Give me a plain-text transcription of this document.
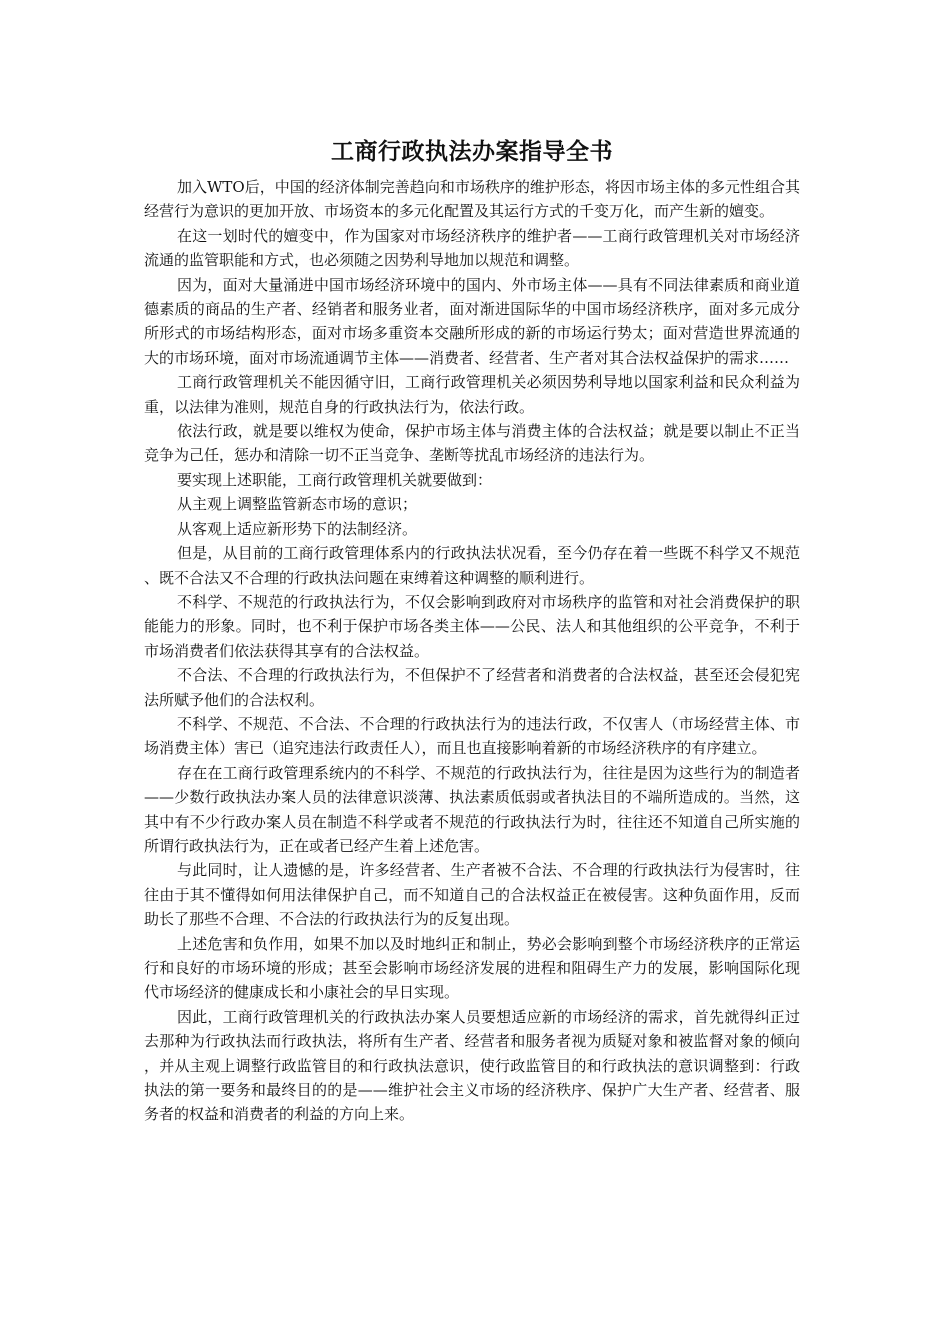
工商行政执法办案指导全书

加入WTO后，中国的经济体制完善趋向和市场秩序的维护形态，将因市场主体的多元性组合其经营行为意识的更加开放、市场资本的多元化配置及其运行方式的千变万化，而产生新的嬗变。

在这一划时代的嬗变中，作为国家对市场经济秩序的维护者——工商行政管理机关对市场经济流通的监管职能和方式，也必须随之因势利导地加以规范和调整。

因为，面对大量涌进中国市场经济环境中的国内、外市场主体——具有不同法律素质和商业道德素质的商品的生产者、经销者和服务业者，面对渐进国际华的中国市场经济秩序，面对多元成分所形式的市场结构形态，面对市场多重资本交融所形成的新的市场运行势太；面对营造世界流通的大的市场环境，面对市场流通调节主体——消费者、经营者、生产者对其合法权益保护的需求……

工商行政管理机关不能因循守旧，工商行政管理机关必须因势利导地以国家利益和民众利益为重，以法律为准则，规范自身的行政执法行为，依法行政。

依法行政，就是要以维权为使命，保护市场主体与消费主体的合法权益；就是要以制止不正当竞争为己任，惩办和清除一切不正当竞争、垄断等扰乱市场经济的违法行为。

要实现上述职能，工商行政管理机关就要做到：

从主观上调整监管新态市场的意识；

从客观上适应新形势下的法制经济。

但是，从目前的工商行政管理体系内的行政执法状况看，至今仍存在着一些既不科学又不规范、既不合法又不合理的行政执法问题在束缚着这种调整的顺利进行。

不科学、不规范的行政执法行为，不仅会影响到政府对市场秩序的监管和对社会消费保护的职能能力的形象。同时，也不利于保护市场各类主体——公民、法人和其他组织的公平竞争，不利于市场消费者们依法获得其享有的合法权益。

不合法、不合理的行政执法行为，不但保护不了经营者和消费者的合法权益，甚至还会侵犯宪法所赋予他们的合法权利。

不科学、不规范、不合法、不合理的行政执法行为的违法行政，不仅害人（市场经营主体、市场消费主体）害已（追究违法行政责任人），而且也直接影响着新的市场经济秩序的有序建立。

存在在工商行政管理系统内的不科学、不规范的行政执法行为，往往是因为这些行为的制造者——少数行政执法办案人员的法律意识淡薄、执法素质低弱或者执法目的不端所造成的。当然，这其中有不少行政办案人员在制造不科学或者不规范的行政执法行为时，往往还不知道自己所实施的所谓行政执法行为，正在或者已经产生着上述危害。

与此同时，让人遗憾的是，许多经营者、生产者被不合法、不合理的行政执法行为侵害时，往往由于其不懂得如何用法律保护自己，而不知道自己的合法权益正在被侵害。这种负面作用，反而助长了那些不合理、不合法的行政执法行为的反复出现。

上述危害和负作用，如果不加以及时地纠正和制止，势必会影响到整个市场经济秩序的正常运行和良好的市场环境的形成；甚至会影响市场经济发展的进程和阻碍生产力的发展，影响国际化现代市场经济的健康成长和小康社会的早日实现。

因此，工商行政管理机关的行政执法办案人员要想适应新的市场经济的需求，首先就得纠正过去那种为行政执法而行政执法，将所有生产者、经营者和服务者视为质疑对象和被监督对象的倾向，并从主观上调整行政监管目的和行政执法意识，使行政监管目的和行政执法的意识调整到：行政执法的第一要务和最终目的的是——维护社会主义市场的经济秩序、保护广大生产者、经营者、服务者的权益和消费者的利益的方向上来。
